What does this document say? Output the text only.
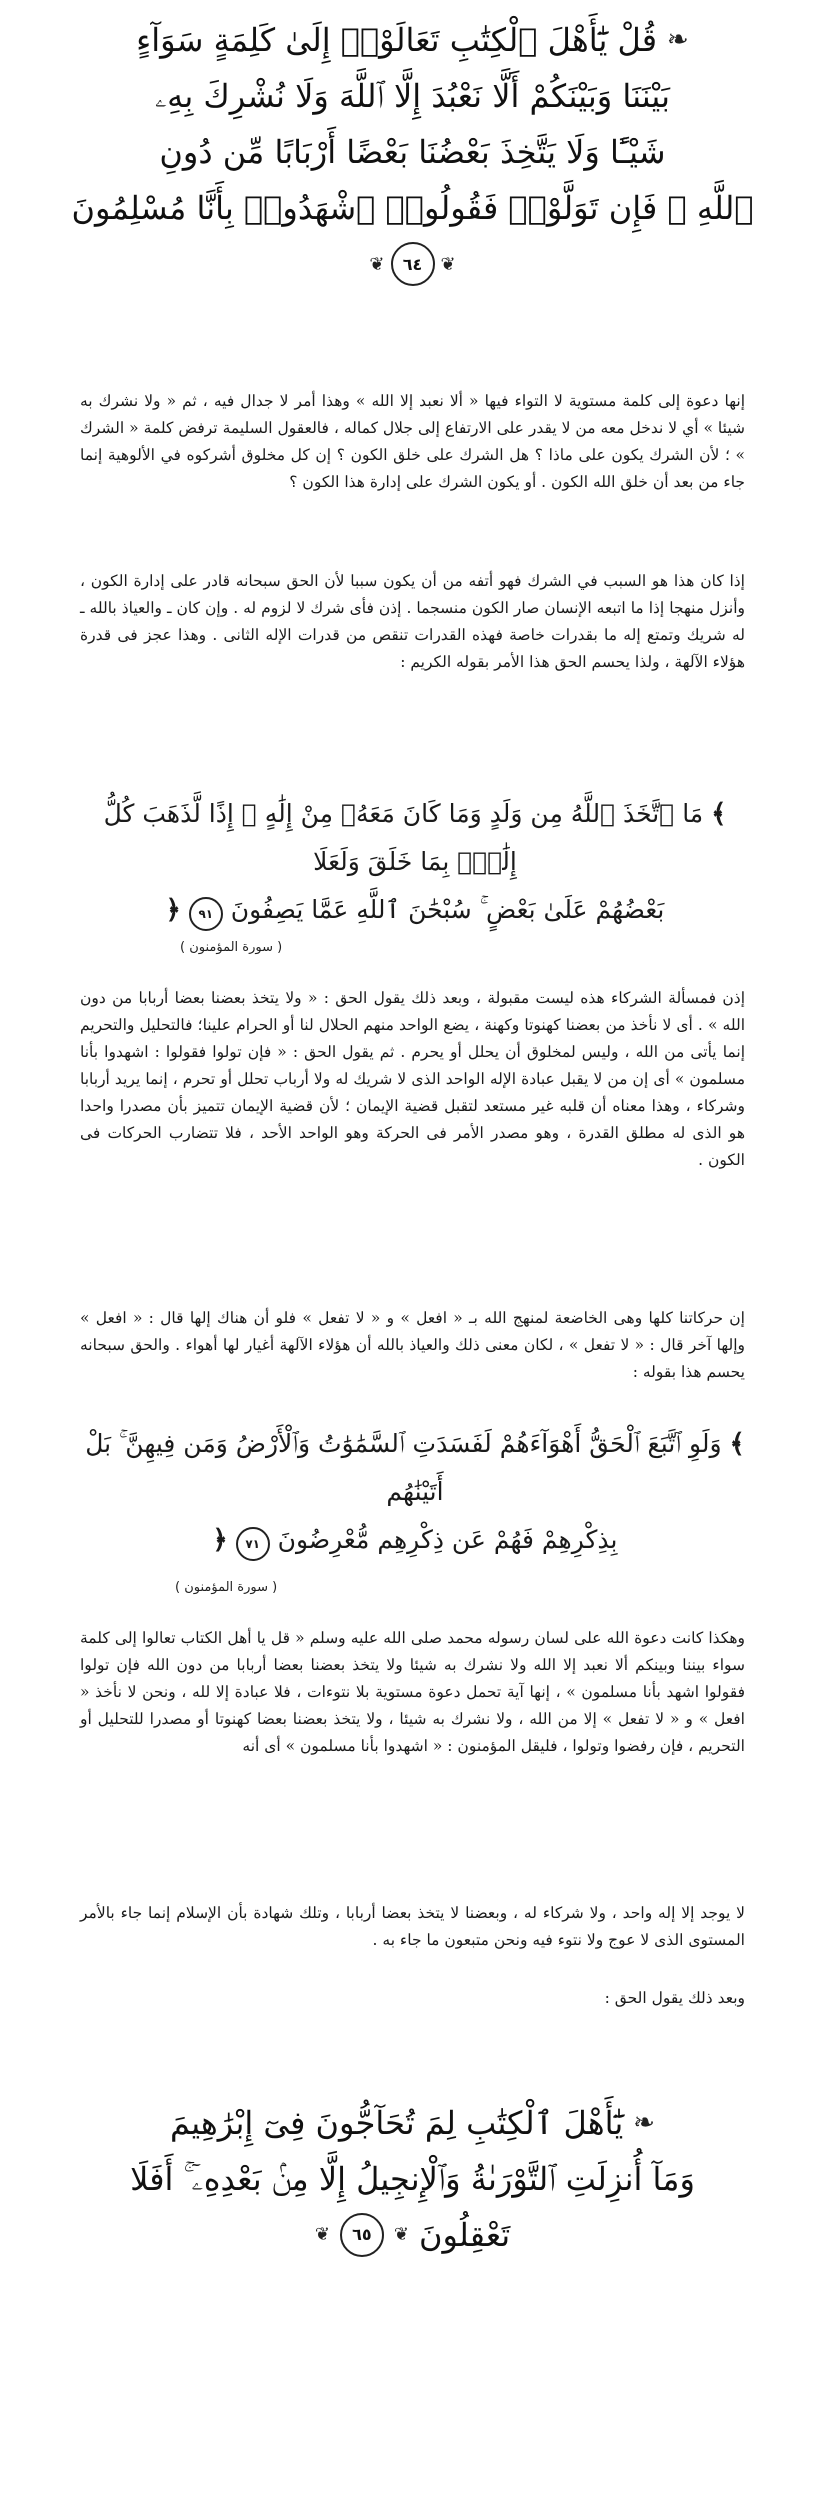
❧
قُلْ يَٰٓأَهْلَ ٱلْكِتَٰبِ تَعَالَوْا۟ إِلَىٰ كَلِمَةٍ سَوَآءٍ
بَيْنَنَا وَبَيْنَكُمْ أَلَّا نَعْبُدَ إِلَّا ٱللَّهَ وَلَا نُشْرِكَ بِهِۦ
شَيْـًٔا وَلَا يَتَّخِذَ بَعْضُنَا بَعْضًا أَرْبَابًا مِّن دُونِ
ٱللَّهِ ۚ فَإِن تَوَلَّوْا۟ فَقُولُوا۟ ٱشْهَدُوا۟ بِأَنَّا مُسْلِمُونَ
❦
٦٤
❦

إنها دعوة إلى كلمة مستوية لا التواء فيها « ألا نعبد إلا الله » وهذا أمر لا جدال فيه ، ثم « ولا نشرك به شيئا » أي لا ندخل معه من لا يقدر على الارتفاع إلى جلال كماله ، فالعقول السليمة ترفض كلمة « الشرك » ؛ لأن الشرك يكون على ماذا ؟ هل الشرك على خلق الكون ؟ إن كل مخلوق أشركوه في الألوهية إنما جاء من بعد أن خلق الله الكون . أو يكون الشرك على إدارة هذا الكون ؟

إذا كان هذا هو السبب في الشرك فهو أتفه من أن يكون سببا لأن الحق سبحانه قادر على إدارة الكون ، وأنزل منهجا إذا ما اتبعه الإنسان صار الكون منسجما . إذن فأى شرك لا لزوم له . وإن كان ـ والعياذ بالله ـ له شريك وتمتع إله ما بقدرات خاصة فهذه القدرات تنقص من قدرات الإله الثانى . وهذا عجز فى قدرة هؤلاء الآلهة ، ولذا يحسم الحق هذا الأمر بقوله الكريم :

﴾ مَا ٱتَّخَذَ ٱللَّهُ مِن وَلَدٍ وَمَا كَانَ مَعَهُۥ مِنْ إِلَٰهٍ ۚ إِذًا لَّذَهَبَ كُلُّ إِلَٰهٍۭ بِمَا خَلَقَ وَلَعَلَا
بَعْضُهُمْ عَلَىٰ بَعْضٍ ۚ سُبْحَٰنَ ٱللَّهِ عَمَّا يَصِفُونَ ٩١ ﴿
( سورة المؤمنون )

إذن فمسألة الشركاء هذه ليست مقبولة ، وبعد ذلك يقول الحق : « ولا يتخذ بعضنا بعضا أربابا من دون الله » . أى لا نأخذ من بعضنا كهنوتا وكهنة ، يضع الواحد منهم الحلال لنا أو الحرام علينا؛ فالتحليل والتحريم إنما يأتى من الله ، وليس لمخلوق أن يحلل أو يحرم . ثم يقول الحق : « فإن تولوا فقولوا : اشهدوا بأنا مسلمون » أى إن من لا يقبل عبادة الإله الواحد الذى لا شريك له ولا أرباب تحلل أو تحرم ، إنما يريد أربابا وشركاء ، وهذا معناه أن قلبه غير مستعد لتقبل قضية الإيمان ؛ لأن قضية الإيمان تتميز بأن مصدرا واحدا هو الذى له مطلق القدرة ، وهو مصدر الأمر فى الحركة وهو الواحد الأحد ، فلا تتضارب الحركات فى الكون .

إن حركاتنا كلها وهى الخاضعة لمنهج الله بـ « افعل » و « لا تفعل » فلو أن هناك إلها قال : « افعل » وإلها آخر قال : « لا تفعل » ، لكان معنى ذلك والعياذ بالله أن هؤلاء الآلهة أغيار لها أهواء . والحق سبحانه يحسم هذا بقوله :

﴾ وَلَوِ ٱتَّبَعَ ٱلْحَقُّ أَهْوَآءَهُمْ لَفَسَدَتِ ٱلسَّمَٰوَٰتُ وَٱلْأَرْضُ وَمَن فِيهِنَّ ۚ بَلْ أَتَيْنَٰهُم
بِذِكْرِهِمْ فَهُمْ عَن ذِكْرِهِم مُّعْرِضُونَ ٧١ ﴿
( سورة المؤمنون )

وهكذا كانت دعوة الله على لسان رسوله محمد صلى الله عليه وسلم « قل يا أهل الكتاب تعالوا إلى كلمة سواء بيننا وبينكم ألا نعبد إلا الله ولا نشرك به شيئا ولا يتخذ بعضنا بعضا أربابا من دون الله فإن تولوا فقولوا اشهد بأنا مسلمون » ، إنها آية تحمل دعوة مستوية بلا نتوءات ، فلا عبادة إلا لله ، ونحن لا نأخذ « افعل » و « لا تفعل » إلا من الله ، ولا نشرك به شيئا ، ولا يتخذ بعضنا بعضا كهنوتا أو مصدرا للتحليل أو التحريم ، فإن رفضوا وتولوا ، فليقل المؤمنون : « اشهدوا بأنا مسلمون » أى أنه

لا يوجد إلا إله واحد ، ولا شركاء له ، وبعضنا لا يتخذ بعضا أربابا ، وتلك شهادة بأن الإسلام إنما جاء بالأمر المستوى الذى لا عوج ولا نتوء فيه ونحن متبعون ما جاء به .

وبعد ذلك يقول الحق :

❧
يَٰٓأَهْلَ ٱلْكِتَٰبِ لِمَ تُحَآجُّونَ فِىٓ إِبْرَٰهِيمَ
وَمَآ أُنزِلَتِ ٱلتَّوْرَىٰةُ وَٱلْإِنجِيلُ إِلَّا مِنۢ بَعْدِهِۦٓ ۚ أَفَلَا
تَعْقِلُونَ
❦
٦٥
❦
